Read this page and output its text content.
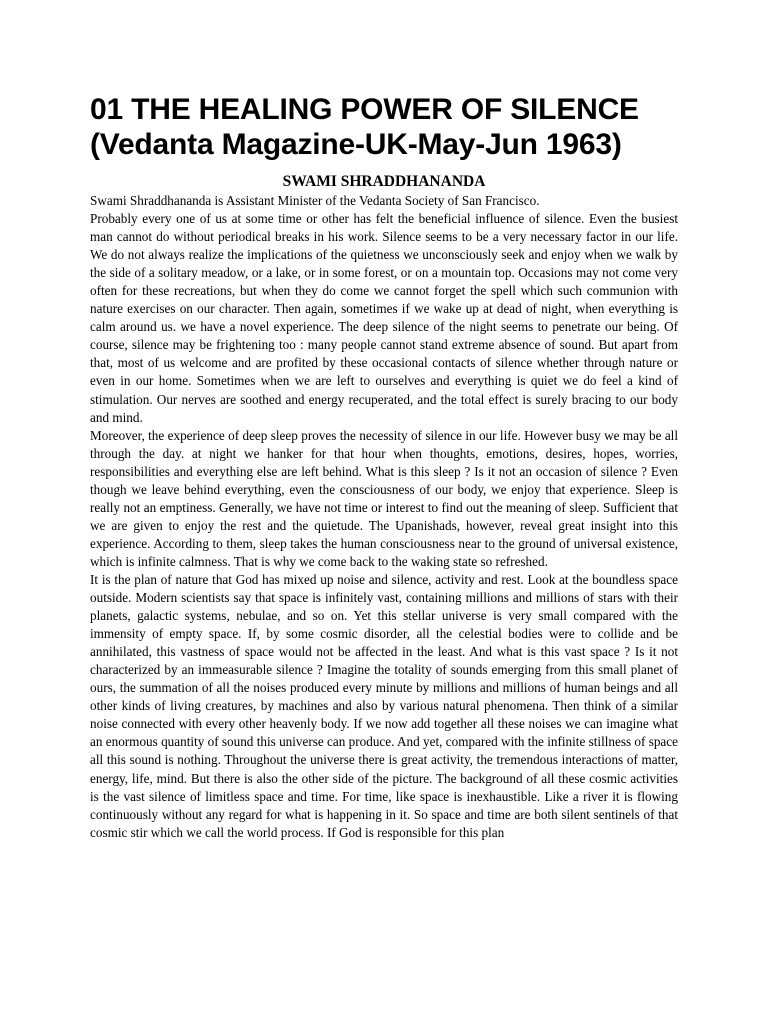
01 THE HEALING POWER OF SILENCE
(Vedanta Magazine-UK-May-Jun 1963)
SWAMI SHRADDHANANDA

Swami Shraddhananda is Assistant Minister of the Vedanta Society of San Francisco.

Probably every one of us at some time or other has felt the beneficial influence of silence. Even the busiest man cannot do without periodical breaks in his work. Silence seems to be a very necessary factor in our life. We do not always realize the implications of the quietness we unconsciously seek and enjoy when we walk by the side of a solitary meadow, or a lake, or in some forest, or on a mountain top. Occasions may not come very often for these recreations, but when they do come we cannot forget the spell which such communion with nature exercises on our character. Then again, sometimes if we wake up at dead of night, when everything is calm around us. we have a novel experience. The deep silence of the night seems to penetrate our being. Of course, silence may be frightening too : many people cannot stand extreme absence of sound. But apart from that, most of us welcome and are profited by these occasional contacts of silence whether through nature or even in our home. Sometimes when we are left to ourselves and everything is quiet we do feel a kind of stimulation. Our nerves are soothed and energy recuperated, and the total effect is surely bracing to our body and mind.

Moreover, the experience of deep sleep proves the necessity of silence in our life. However busy we may be all through the day. at night we hanker for that hour when thoughts, emotions, desires, hopes, worries, responsibilities and everything else are left behind. What is this sleep ? Is it not an occasion of silence ? Even though we leave behind everything, even the consciousness of our body, we enjoy that experience. Sleep is really not an emptiness. Generally, we have not time or interest to find out the meaning of sleep. Sufficient that we are given to enjoy the rest and the quietude. The Upanishads, however, reveal great insight into this experience. According to them, sleep takes the human consciousness near to the ground of universal existence, which is infinite calmness. That is why we come back to the waking state so refreshed.

It is the plan of nature that God has mixed up noise and silence, activity and rest. Look at the boundless space outside. Modern scientists say that space is infinitely vast, containing millions and millions of stars with their planets, galactic systems, nebulae, and so on. Yet this stellar universe is very small compared with the immensity of empty space. If, by some cosmic disorder, all the celestial bodies were to collide and be annihilated, this vastness of space would not be affected in the least. And what is this vast space ? Is it not characterized by an immeasurable silence ? Imagine the totality of sounds emerging from this small planet of ours, the summation of all the noises produced every minute by millions and millions of human beings and all other kinds of living creatures, by machines and also by various natural phenomena. Then think of a similar noise connected with every other heavenly body. If we now add together all these noises we can imagine what an enormous quantity of sound this universe can produce. And yet, compared with the infinite stillness of space all this sound is nothing. Throughout the universe there is great activity, the tremendous interactions of matter, energy, life, mind. But there is also the other side of the picture. The background of all these cosmic activities is the vast silence of limitless space and time. For time, like space is inexhaustible. Like a river it is flowing continuously without any regard for what is happening in it. So space and time are both silent sentinels of that cosmic stir which we call the world process. If God is responsible for this plan
